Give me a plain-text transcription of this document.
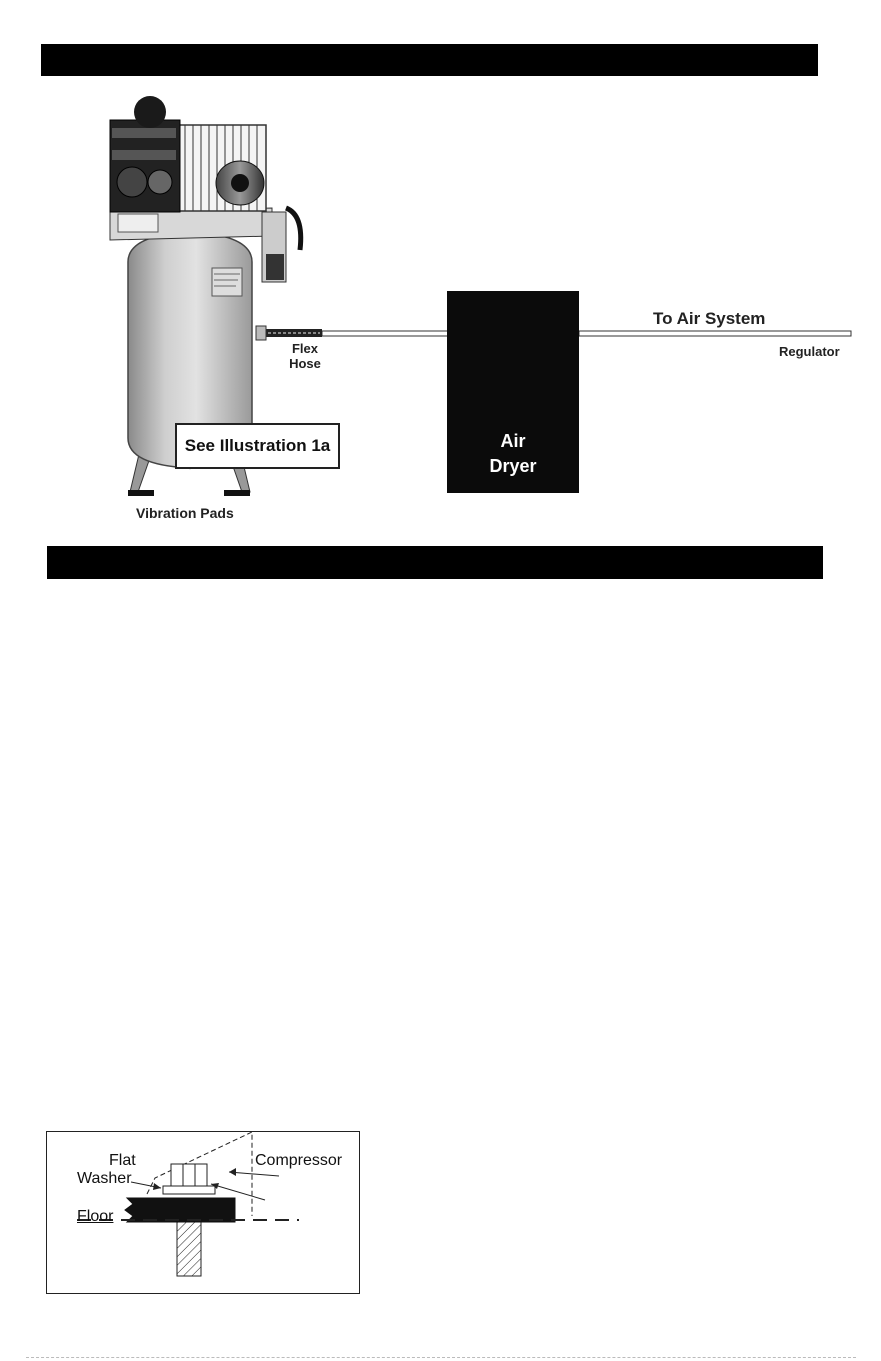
Flex
Hose
To Air System
Regulator
Vibration Pads
See Illustration 1a	Air
Dryer
Flat
Washer
Compressor
Floor
